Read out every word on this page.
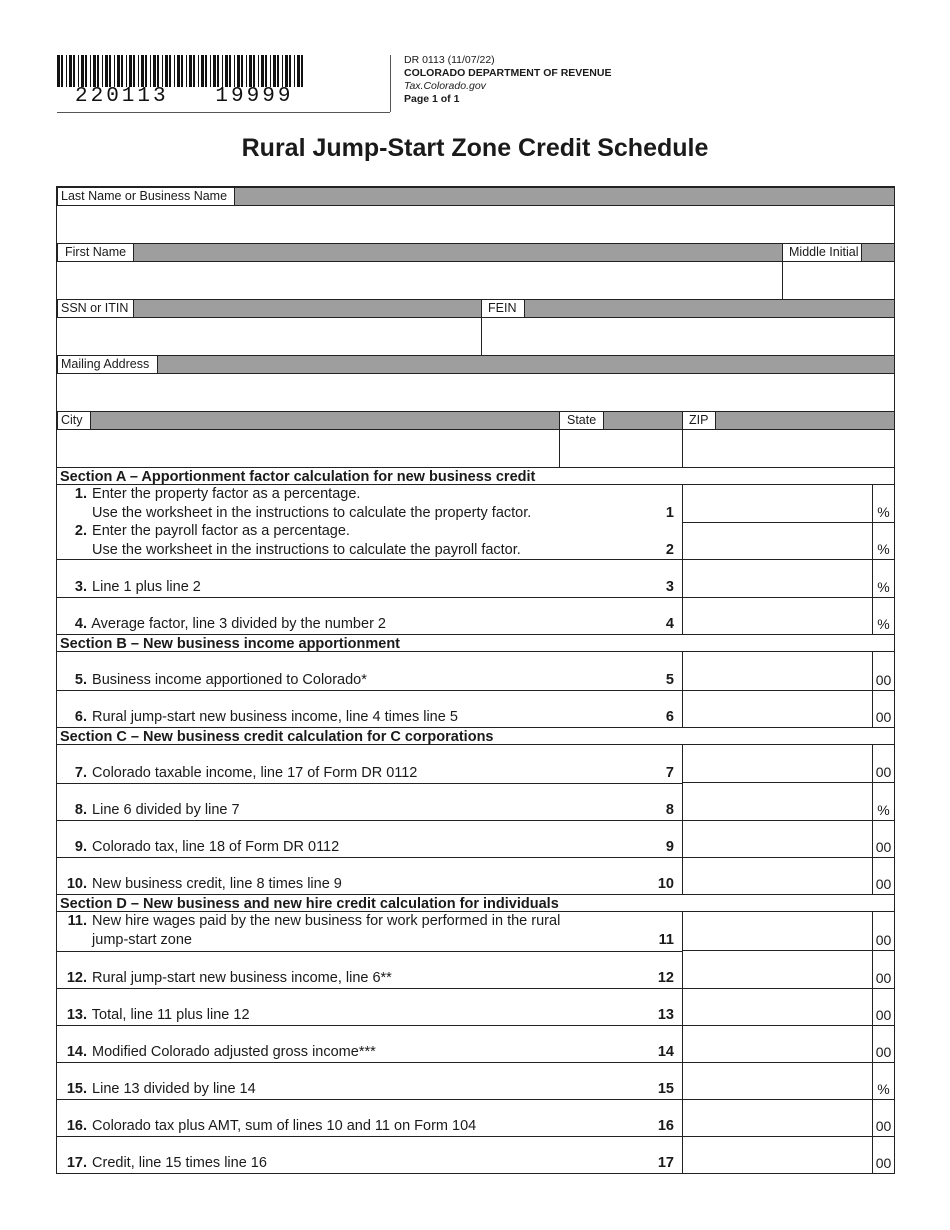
220113   19999
DR 0113 (11/07/22)
COLORADO DEPARTMENT OF REVENUE
Tax.Colorado.gov
Page 1 of 1
Rural Jump-Start Zone Credit Schedule
Last Name or Business Name
First Name	Middle Initial
SSN or ITIN	FEIN
Mailing Address
City	State	ZIP
Section A – Apportionment factor calculation for new business credit
1. Enter the property factor as a percentage.
Use the worksheet in the instructions to calculate the property factor.	1	%
2. Enter the payroll factor as a percentage.
Use the worksheet in the instructions to calculate the payroll factor.	2	%
3. Line 1 plus line 2	3	%
4. Average factor, line 3 divided by the number 2	4	%
Section B – New business income apportionment
5. Business income apportioned to Colorado*	5	00
6. Rural jump-start new business income, line 4 times line 5	6	00
Section C – New business credit calculation for C corporations
7. Colorado taxable income, line 17 of Form DR 0112	7	00
8. Line 6 divided by line 7	8	%
9. Colorado tax, line 18 of Form DR 0112	9	00
10. New business credit, line 8 times line 9	10	00
Section D – New business and new hire credit calculation for individuals
11. New hire wages paid by the new business for work performed in the rural
jump-start zone	11	00
12. Rural jump-start new business income, line 6**	12	00
13. Total, line 11 plus line 12	13	00
14. Modified Colorado adjusted gross income***	14	00
15. Line 13 divided by line 14	15	%
16. Colorado tax plus AMT, sum of lines 10 and 11 on Form 104	16	00
17. Credit, line 15 times line 16	17	00
